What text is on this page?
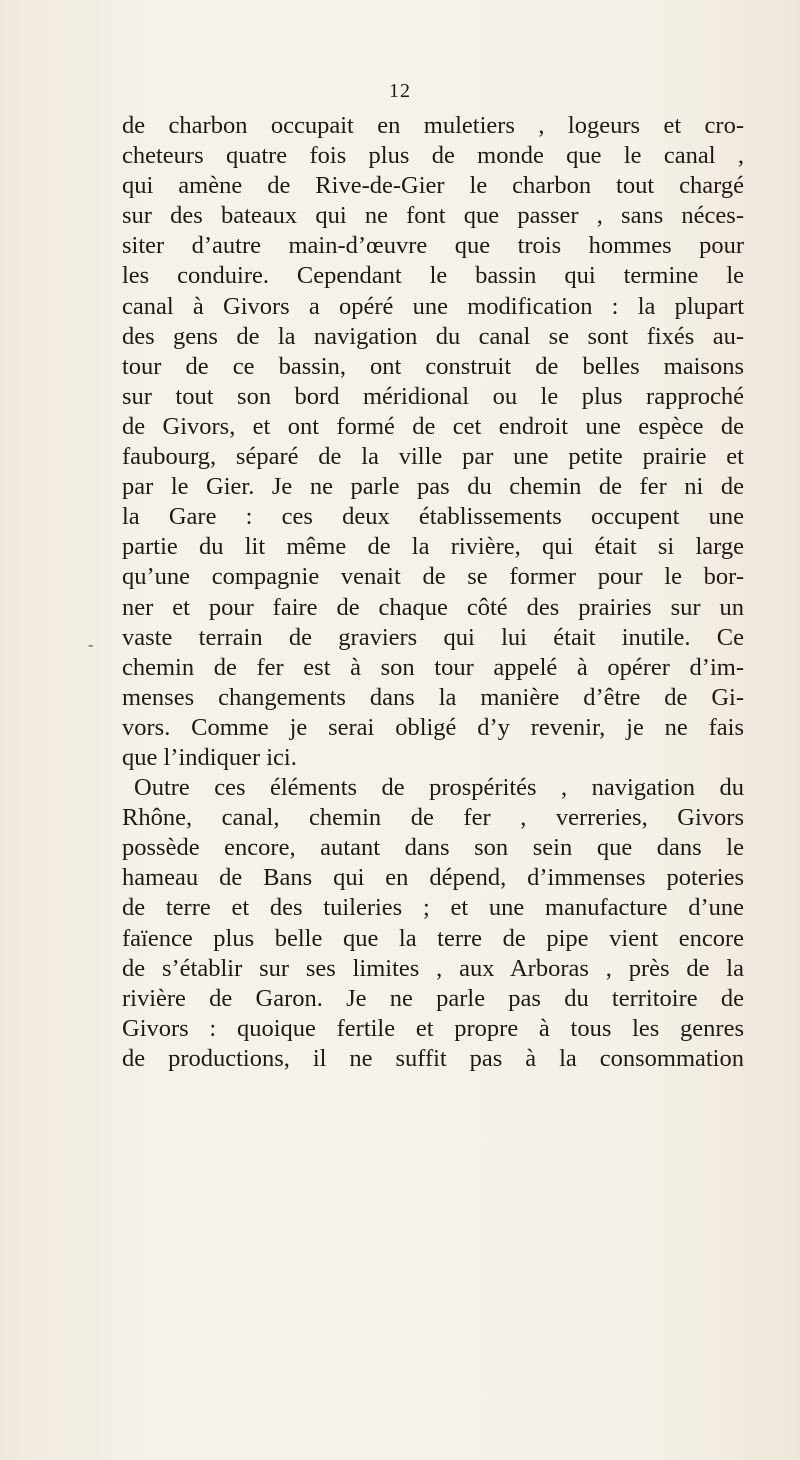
12
-
de charbon occupait en muletiers , logeurs et cro-
cheteurs quatre fois plus de monde que le canal ,
qui amène de Rive-de-Gier le charbon tout chargé
sur des bateaux qui ne font que passer , sans néces-
siter d’autre main-d’œuvre que trois hommes pour
les conduire. Cependant le bassin qui termine le
canal à Givors a opéré une modification : la plupart
des gens de la navigation du canal se sont fixés au-
tour de ce bassin, ont construit de belles maisons
sur tout son bord méridional ou le plus rapproché
de Givors, et ont formé de cet endroit une espèce de
faubourg, séparé de la ville par une petite prairie et
par le Gier. Je ne parle pas du chemin de fer ni de
la Gare : ces deux établissements occupent une
partie du lit même de la rivière, qui était si large
qu’une compagnie venait de se former pour le bor-
ner et pour faire de chaque côté des prairies sur un
vaste terrain de graviers qui lui était inutile. Ce
chemin de fer est à son tour appelé à opérer d’im-
menses changements dans la manière d’être de Gi-
vors. Comme je serai obligé d’y revenir, je ne fais
que l’indiquer ici.
Outre ces éléments de prospérités , navigation du
Rhône, canal, chemin de fer , verreries, Givors
possède encore, autant dans son sein que dans le
hameau de Bans qui en dépend, d’immenses poteries
de terre et des tuileries ; et une manufacture d’une
faïence plus belle que la terre de pipe vient encore
de s’établir sur ses limites , aux Arboras , près de la
rivière de Garon. Je ne parle pas du territoire de
Givors : quoique fertile et propre à tous les genres
de productions, il ne suffit pas à la consommation
